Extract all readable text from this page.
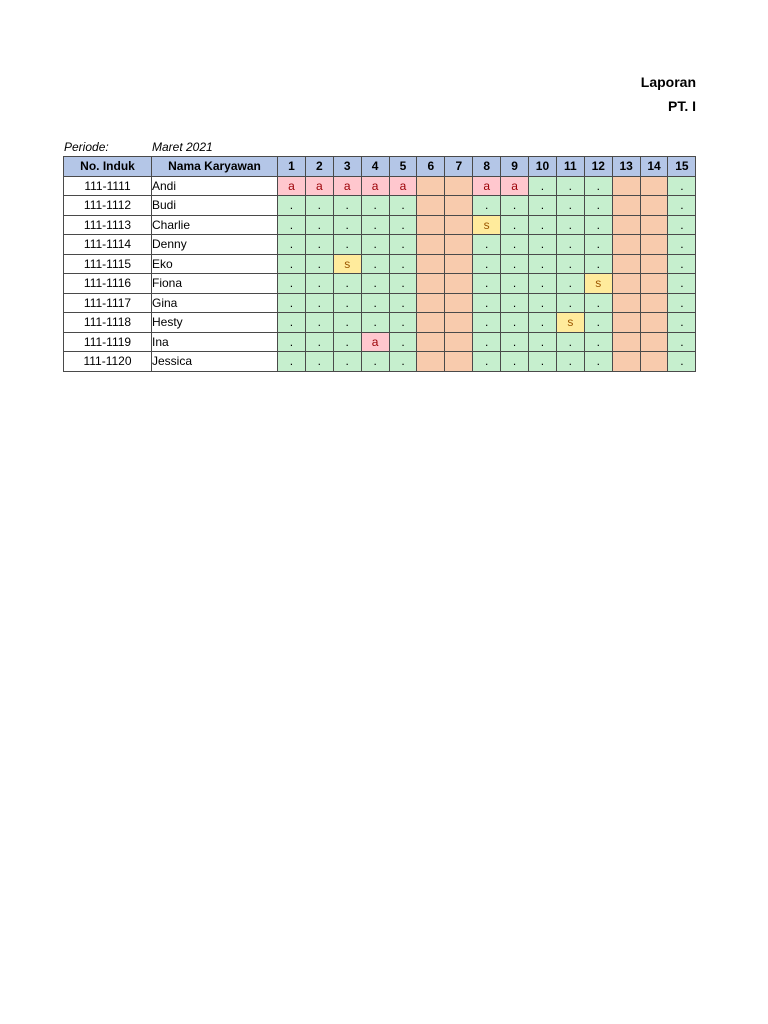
Laporan
PT. I
Periode:	Maret 2021
No. Induk	Nama Karyawan	1	2	3	4	5	6	7	8	9	10	11	12	13	14	15
111-1111	Andi	a	a	a	a	a			a	a	.	.	.			.
111-1112	Budi	.	.	.	.	.			.	.	.	.	.			.
111-1113	Charlie	.	.	.	.	.			s	.	.	.	.			.
111-1114	Denny	.	.	.	.	.			.	.	.	.	.			.
111-1115	Eko	.	.	s	.	.			.	.	.	.	.			.
111-1116	Fiona	.	.	.	.	.			.	.	.	.	s			.
111-1117	Gina	.	.	.	.	.			.	.	.	.	.			.
111-1118	Hesty	.	.	.	.	.			.	.	.	s	.			.
111-1119	Ina	.	.	.	a	.			.	.	.	.	.			.
111-1120	Jessica	.	.	.	.	.			.	.	.	.	.			.
